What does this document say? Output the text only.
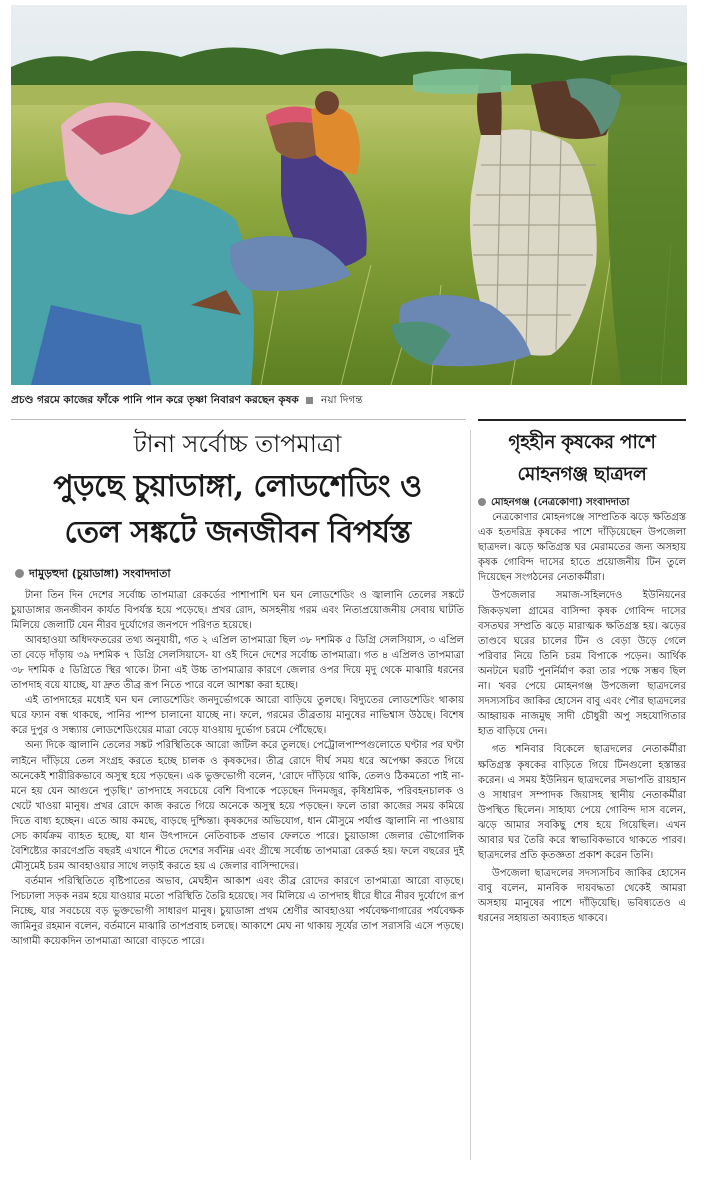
প্রচণ্ড গরমে কাজের ফাঁকে পানি পান করে তৃষ্ণা নিবারণ করছেন কৃষক নয়া দিগন্ত
টানা সর্বোচ্চ তাপমাত্রা
পুড়ছে চুয়াডাঙ্গা, লোডশেডিং ও
তেল সঙ্কটে জনজীবন বিপর্যস্ত
দামুড়হুদা (চুয়াডাঙ্গা) সংবাদদাতা

টানা তিন দিন দেশের সর্বোচ্চ তাপমাত্রা রেকর্ডের পাশাপাশি ঘন ঘন লোডশেডিং ও জ্বালানি তেলের সঙ্কটে চুয়াডাঙ্গার জনজীবন কার্যত বিপর্যস্ত হয়ে পড়েছে। প্রখর রোদ, অসহনীয় গরম এবং নিত্যপ্রয়োজনীয় সেবায় ঘাটতি মিলিয়ে জেলাটি যেন নীরব দুর্যোগের জনপদে পরিণত হয়েছে।

আবহাওয়া অধিদফতরের তথ্য অনুযায়ী, গত ২ এপ্রিল তাপমাত্রা ছিল ৩৮ দশমিক ৫ ডিগ্রি সেলসিয়াস, ৩ এপ্রিল তা বেড়ে দাঁড়ায় ৩৯ দশমিক ৭ ডিগ্রি সেলসিয়াসে- যা ওই দিনে দেশের সর্বোচ্চ তাপমাত্রা। গত ৪ এপ্রিলও তাপমাত্রা ৩৮ দশমিক ৫ ডিগ্রিতে স্থির থাকে। টানা এই উচ্চ তাপমাত্রার কারণে জেলার ওপর দিয়ে মৃদু থেকে মাঝারি ধরনের তাপদাহ বয়ে যাচ্ছে, যা দ্রুত তীব্র রূপ নিতে পারে বলে আশঙ্কা করা হচ্ছে।

এই তাপদাহের মধ্যেই ঘন ঘন লোডশেডিং জনদুর্ভোগকে আরো বাড়িয়ে তুলছে। বিদ্যুতের লোডশেডিং থাকায় ঘরে ফ্যান বন্ধ থাকছে, পানির পাম্প চালানো যাচ্ছে না। ফলে, গরমের তীব্রতায় মানুষের নাভিশ্বাস উঠছে। বিশেষ করে দুপুর ও সন্ধ্যায় লোডশেডিংয়ের মাত্রা বেড়ে যাওয়ায় দুর্ভোগ চরমে পৌঁছেছে।

অন্য দিকে জ্বালানি তেলের সঙ্কট পরিস্থিতিকে আরো জটিল করে তুলছে। পেট্রোলপাম্পগুলোতে ঘণ্টার পর ঘণ্টা লাইনে দাঁড়িয়ে তেল সংগ্রহ করতে হচ্ছে চালক ও কৃষকদের। তীব্র রোদে দীর্ঘ সময় ধরে অপেক্ষা করতে গিয়ে অনেকেই শারীরিকভাবে অসুস্থ হয়ে পড়ছেন। এক ভুক্তভোগী বলেন, 'রোদে দাঁড়িয়ে থাকি, তেলও ঠিকমতো পাই না- মনে হয় যেন আগুনে পুড়ছি।' তাপদাহে সবচেয়ে বেশি বিপাকে পড়েছেন দিনমজুর, কৃষিশ্রমিক, পরিবহনচালক ও খেটে খাওয়া মানুষ। প্রখর রোদে কাজ করতে গিয়ে অনেকে অসুস্থ হয়ে পড়ছেন। ফলে তারা কাজের সময় কমিয়ে দিতে বাধ্য হচ্ছেন। এতে আয় কমছে, বাড়ছে দুশ্চিন্তা। কৃষকদের অভিযোগ, ধান মৌসুমে পর্যাপ্ত জ্বালানি না পাওয়ায় সেচ কার্যক্রম ব্যাহত হচ্ছে, যা ধান উৎপাদনে নেতিবাচক প্রভাব ফেলতে পারে। চুয়াডাঙ্গা জেলার ভৌগোলিক বৈশিষ্ট্যের কারণেপ্রতি বছরই এখানে শীতে দেশের সর্বনিম্ন এবং গ্রীষ্মে সর্বোচ্চ তাপমাত্রা রেকর্ড হয়। ফলে বছরের দুই মৌসুমেই চরম আবহাওয়ার সাথে লড়াই করতে হয় এ জেলার বাসিন্দাদের।

বর্তমান পরিস্থিতিতে বৃষ্টিপাতের অভাব, মেঘহীন আকাশ এবং তীব্র রোদের কারণে তাপমাত্রা আরো বাড়ছে। পিচঢালা সড়ক নরম হয়ে যাওয়ার মতো পরিস্থিতি তৈরি হয়েছে। সব মিলিয়ে এ তাপদাহ ধীরে ধীরে নীরব দুর্যোগে রূপ নিচ্ছে, যার সবচেয়ে বড় ভুক্তভোগী সাধারণ মানুষ। চুয়াডাঙ্গা প্রথম শ্রেণীর আবহাওয়া পর্যবেক্ষণাগারের পর্যবেক্ষক জামিনুর রহমান বলেন, বর্তমানে মাঝারি তাপপ্রবাহ চলছে। আকাশে মেঘ না থাকায় সূর্যের তাপ সরাসরি এসে পড়ছে। আগামী কয়েকদিন তাপমাত্রা আরো বাড়তে পারে।

গৃহহীন কৃষকের পাশে
মোহনগঞ্জ ছাত্রদল
মোহনগঞ্জ (নেত্রকোণা) সংবাদদাতা

নেত্রকোণার মোহনগঞ্জে সাম্প্রতিক ঝড়ে ক্ষতিগ্রস্ত এক হতদরিদ্র কৃষকের পাশে দাঁড়িয়েছেন উপজেলা ছাত্রদল। ঝড়ে ক্ষতিগ্রস্ত ঘর মেরামতের জন্য অসহায় কৃষক গোবিন্দ দাসের হাতে প্রয়োজনীয় টিন তুলে দিয়েছেন সংগঠনের নেতাকর্মীরা।

উপজেলার সমাজ-সহিলদেও ইউনিয়নের জিকড়খলা গ্রামের বাসিন্দা কৃষক গোবিন্দ দাসের বসতঘর সম্প্রতি ঝড়ে মারাত্মক ক্ষতিগ্রস্ত হয়। ঝড়ের তাণ্ডবে ঘরের চালের টিন ও বেড়া উড়ে গেলে পরিবার নিয়ে তিনি চরম বিপাকে পড়েন। আর্থিক অনটনে ঘরটি পুনর্নির্মাণ করা তার পক্ষে সম্ভব ছিল না। খবর পেয়ে মোহনগঞ্জ উপজেলা ছাত্রদলের সদস্যসচিব জাকির হোসেন বাবু এবং পৌর ছাত্রদলের আহ্বায়ক নাজমুছ সাদী চৌধুরী অপু সহযোগিতার হাত বাড়িয়ে দেন।

গত শনিবার বিকেলে ছাত্রদলের নেতাকর্মীরা ক্ষতিগ্রস্ত কৃষকের বাড়িতে গিয়ে টিনগুলো হস্তান্তর করেন। এ সময় ইউনিয়ন ছাত্রদলের সভাপতি রায়হান ও সাধারণ সম্পাদক জিয়াসহ স্থানীয় নেতাকর্মীরা উপস্থিত ছিলেন। সাহায্য পেয়ে গোবিন্দ দাস বলেন, ঝড়ে আমার সবকিছু শেষ হয়ে গিয়েছিল। এখন আবার ঘর তৈরি করে স্বাভাবিকভাবে থাকতে পারব। ছাত্রদলের প্রতি কৃতজ্ঞতা প্রকাশ করেন তিনি।

উপজেলা ছাত্রদলের সদস্যসচিব জাকির হোসেন বাবু বলেন, মানবিক দায়বদ্ধতা থেকেই আমরা অসহায় মানুষের পাশে দাঁড়িয়েছি। ভবিষ্যতেও এ ধরনের সহায়তা অব্যাহত থাকবে।
